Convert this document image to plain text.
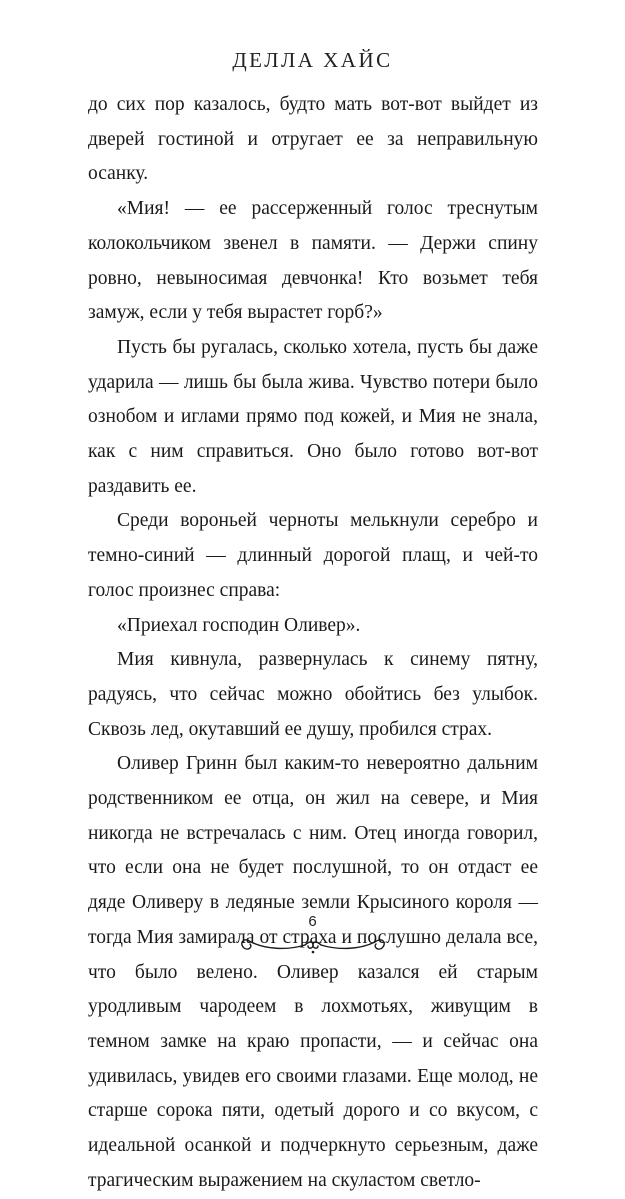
ДЕЛЛА ХАЙС

до сих пор казалось, будто мать вот-вот выйдет из дверей гостиной и отругает ее за неправильную осанку.

«Мия! — ее рассерженный голос треснутым колокольчиком звенел в памяти. — Держи спину ровно, невыносимая девчонка! Кто возьмет тебя замуж, если у тебя вырастет горб?»

Пусть бы ругалась, сколько хотела, пусть бы даже ударила — лишь бы была жива. Чувство потери было ознобом и иглами прямо под кожей, и Мия не знала, как с ним справиться. Оно было готово вот-вот раздавить ее.

Среди вороньей черноты мелькнули серебро и темно-синий — длинный дорогой плащ, и чей-то голос произнес справа:

«Приехал господин Оливер».

Мия кивнула, развернулась к синему пятну, радуясь, что сейчас можно обойтись без улыбок. Сквозь лед, окутавший ее душу, пробился страх.

Оливер Гринн был каким-то невероятно дальним родственником ее отца, он жил на севере, и Мия никогда не встречалась с ним. Отец иногда говорил, что если она не будет послушной, то он отдаст ее дяде Оливеру в ледяные земли Крысиного короля — тогда Мия замирала от страха и послушно делала все, что было велено. Оливер казался ей старым уродливым чародеем в лохмотьях, живущим в темном замке на краю пропасти, — и сейчас она удивилась, увидев его своими глазами. Еще молод, не старше сорока пяти, одетый дорого и со вкусом, с идеальной осанкой и подчеркнуто серьезным, даже трагическим выражением на скуластом светло-

6
